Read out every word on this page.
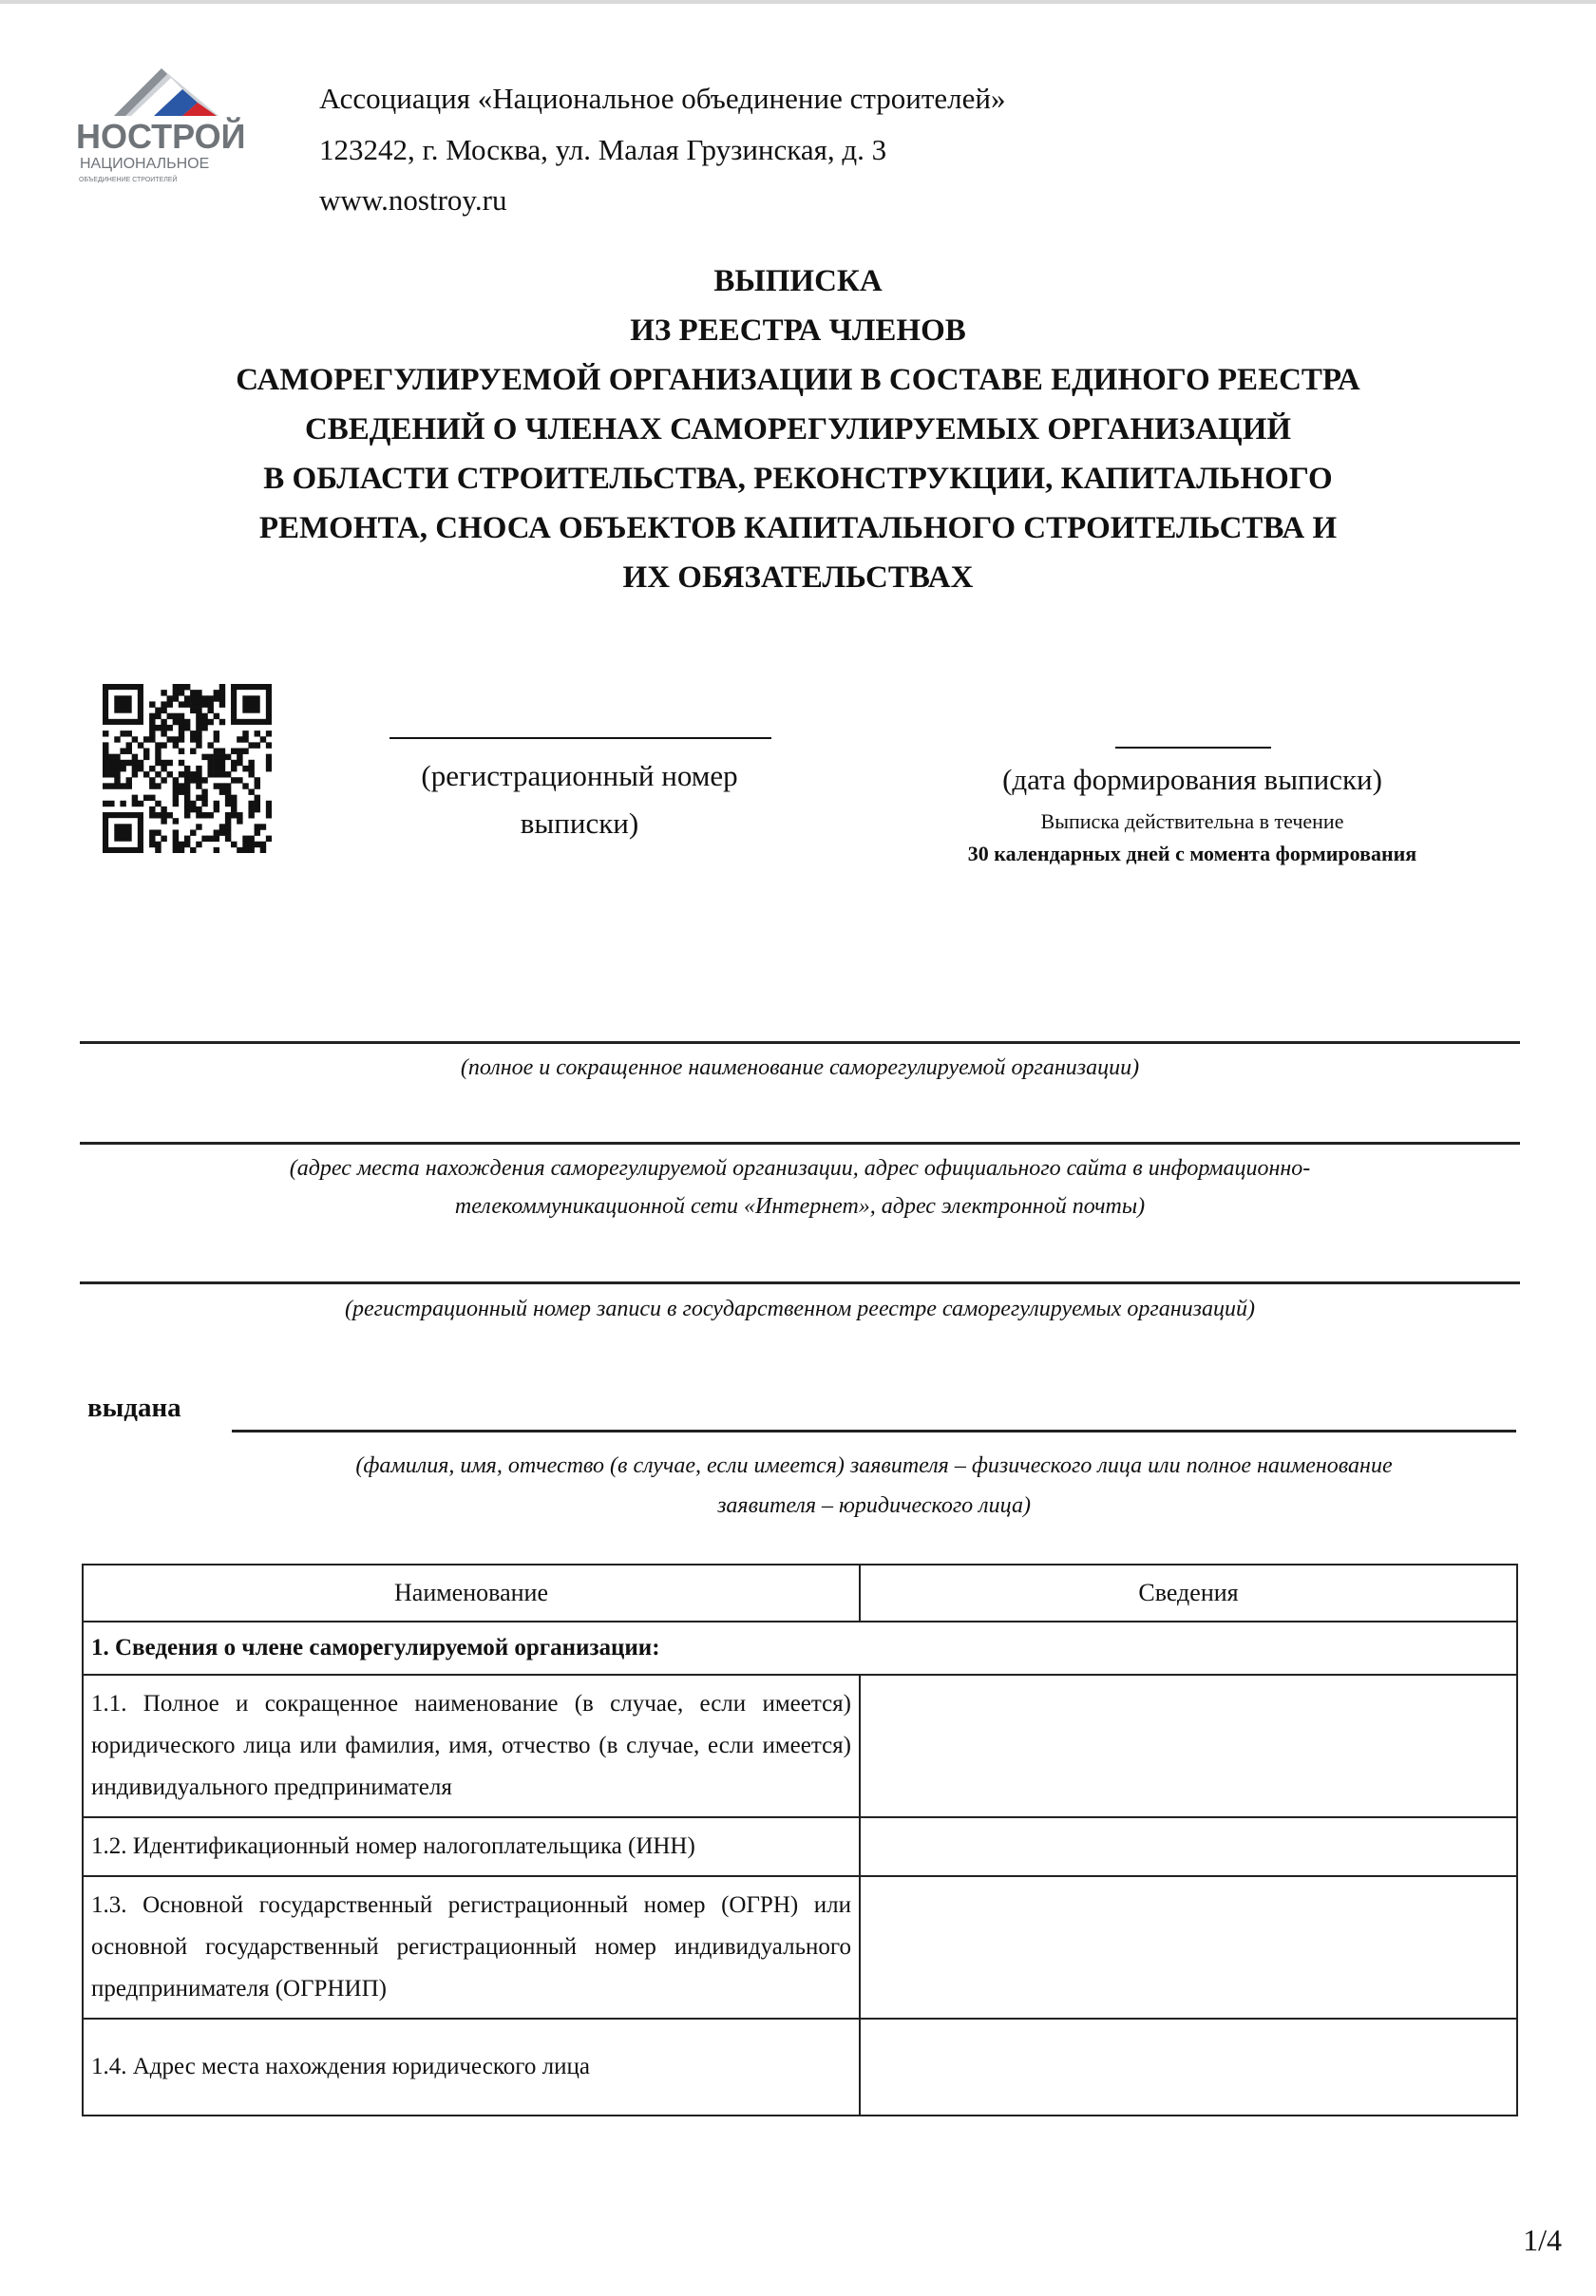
НОСТРОЙ
НАЦИОНАЛЬНОЕ
ОБЪЕДИНЕНИЕ СТРОИТЕЛЕЙ
Ассоциация «Национальное объединение строителей»
123242, г. Москва, ул. Малая Грузинская, д. 3
www.nostroy.ru
ВЫПИСКА
ИЗ РЕЕСТРА ЧЛЕНОВ
САМОРЕГУЛИРУЕМОЙ ОРГАНИЗАЦИИ В СОСТАВЕ ЕДИНОГО РЕЕСТРА
СВЕДЕНИЙ О ЧЛЕНАХ САМОРЕГУЛИРУЕМЫХ ОРГАНИЗАЦИЙ
В ОБЛАСТИ СТРОИТЕЛЬСТВА, РЕКОНСТРУКЦИИ, КАПИТАЛЬНОГО
РЕМОНТА, СНОСА ОБЪЕКТОВ КАПИТАЛЬНОГО СТРОИТЕЛЬСТВА И
ИХ ОБЯЗАТЕЛЬСТВАХ
(регистрационный номер
выписки)
(дата формирования выписки)
Выписка действительна в течение
30 календарных дней с момента формирования
(полное и сокращенное наименование саморегулируемой организации)
(адрес места нахождения саморегулируемой организации, адрес официального сайта в информационно-
телекоммуникационной сети «Интернет», адрес электронной почты)
(регистрационный номер записи в государственном реестре саморегулируемых организаций)
выдана
(фамилия, имя, отчество (в случае, если имеется) заявителя – физического лица или полное наименование
заявителя – юридического лица)
Наименование	Сведения
1. Сведения о члене саморегулируемой организации:	
1.1. Полное и сокращенное наименование (в случае, если имеется) юридического лица или фамилия, имя, отчество (в случае, если имеется) индивидуального предпринимателя	
1.2. Идентификационный номер налогоплательщика (ИНН)	
1.3. Основной государственный регистрационный номер (ОГРН) или основной государственный регистрационный номер индивидуального предпринимателя (ОГРНИП)	
1.4. Адрес места нахождения юридического лица	
1/4
